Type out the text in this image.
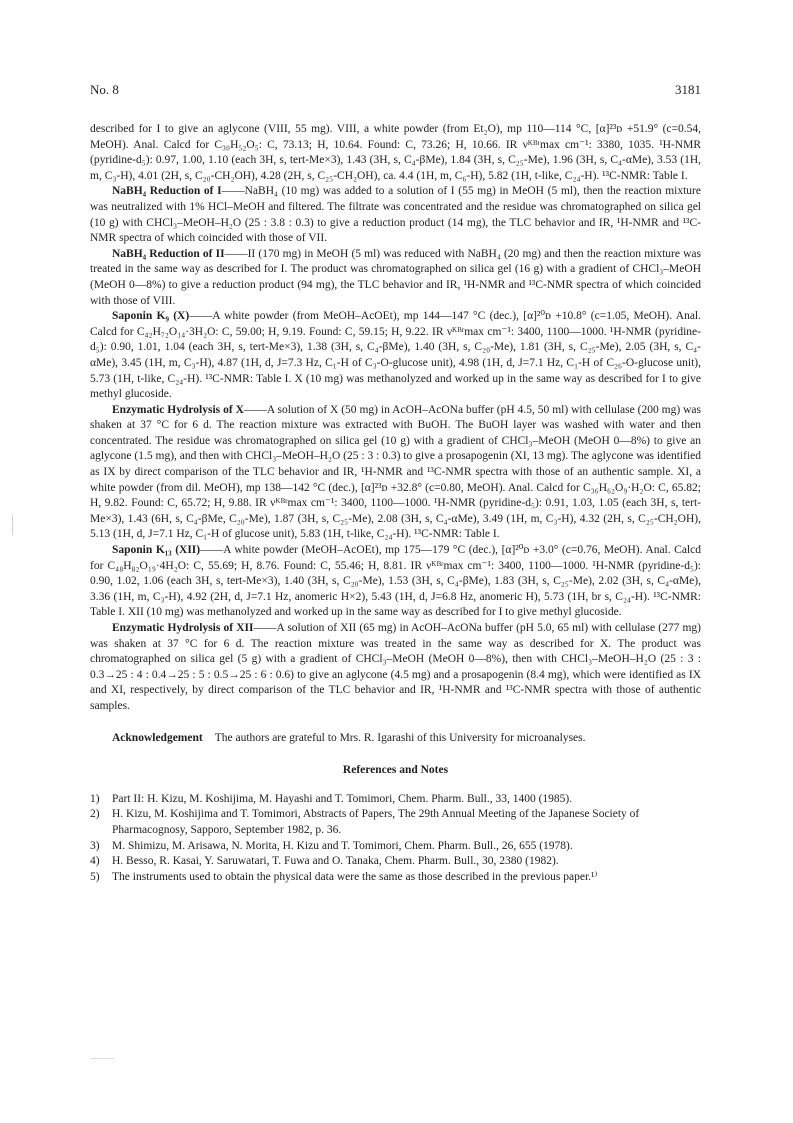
No. 8	3181

described for I to give an aglycone (VIII, 55 mg). VIII, a white powder (from Et₂O), mp 110—114 °C, [α]²³ᴅ +51.9° (c=0.54, MeOH). Anal. Calcd for C₃₀H₅₂O₅: C, 73.13; H, 10.64. Found: C, 73.26; H, 10.66. IR νᴷᴮʳmax cm⁻¹: 3380, 1035. ¹H-NMR (pyridine-d₅): 0.97, 1.00, 1.10 (each 3H, s, tert-Me×3), 1.43 (3H, s, C₄-βMe), 1.84 (3H, s, C₂₅-Me), 1.96 (3H, s, C₄-αMe), 3.53 (1H, m, C₃-H), 4.01 (2H, s, C₂₀-CH₂OH), 4.28 (2H, s, C₂₅-CH₂OH), ca. 4.4 (1H, m, C₆-H), 5.82 (1H, t-like, C₂₄-H). ¹³C-NMR: Table I.

NaBH₄ Reduction of I——NaBH₄ (10 mg) was added to a solution of I (55 mg) in MeOH (5 ml), then the reaction mixture was neutralized with 1% HCl–MeOH and filtered. The filtrate was concentrated and the residue was chromatographed on silica gel (10 g) with CHCl₃–MeOH–H₂O (25 : 3.8 : 0.3) to give a reduction product (14 mg), the TLC behavior and IR, ¹H-NMR and ¹³C-NMR spectra of which coincided with those of VII.

NaBH₄ Reduction of II——II (170 mg) in MeOH (5 ml) was reduced with NaBH₄ (20 mg) and then the reaction mixture was treated in the same way as described for I. The product was chromatographed on silica gel (16 g) with a gradient of CHCl₃–MeOH (MeOH 0—8%) to give a reduction product (94 mg), the TLC behavior and IR, ¹H-NMR and ¹³C-NMR spectra of which coincided with those of VIII.

Saponin K₉ (X)——A white powder (from MeOH–AcOEt), mp 144—147 °C (dec.), [α]²⁰ᴅ +10.8° (c=1.05, MeOH). Anal. Calcd for C₄₂H₇₂O₁₄·3H₂O: C, 59.00; H, 9.19. Found: C, 59.15; H, 9.22. IR νᴷᴮʳmax cm⁻¹: 3400, 1100—1000. ¹H-NMR (pyridine-d₅): 0.90, 1.01, 1.04 (each 3H, s, tert-Me×3), 1.38 (3H, s, C₄-βMe), 1.40 (3H, s, C₂₀-Me), 1.81 (3H, s, C₂₅-Me), 2.05 (3H, s, C₄-αMe), 3.45 (1H, m, C₃-H), 4.87 (1H, d, J=7.3 Hz, C₁-H of C₃-O-glucose unit), 4.98 (1H, d, J=7.1 Hz, C₁-H of C₂₆-O-glucose unit), 5.73 (1H, t-like, C₂₄-H). ¹³C-NMR: Table I. X (10 mg) was methanolyzed and worked up in the same way as described for I to give methyl glucoside.

Enzymatic Hydrolysis of X——A solution of X (50 mg) in AcOH–AcONa buffer (pH 4.5, 50 ml) with cellulase (200 mg) was shaken at 37 °C for 6 d. The reaction mixture was extracted with BuOH. The BuOH layer was washed with water and then concentrated. The residue was chromatographed on silica gel (10 g) with a gradient of CHCl₃–MeOH (MeOH 0—8%) to give an aglycone (1.5 mg), and then with CHCl₃–MeOH–H₂O (25 : 3 : 0.3) to give a prosapogenin (XI, 13 mg). The aglycone was identified as IX by direct comparison of the TLC behavior and IR, ¹H-NMR and ¹³C-NMR spectra with those of an authentic sample. XI, a white powder (from dil. MeOH), mp 138—142 °C (dec.), [α]²³ᴅ +32.8° (c=0.80, MeOH). Anal. Calcd for C₃₆H₆₂O₉·H₂O: C, 65.82; H, 9.82. Found: C, 65.72; H, 9.88. IR νᴷᴮʳmax cm⁻¹: 3400, 1100—1000. ¹H-NMR (pyridine-d₅): 0.91, 1.03, 1.05 (each 3H, s, tert-Me×3), 1.43 (6H, s, C₄-βMe, C₂₀-Me), 1.87 (3H, s, C₂₅-Me), 2.08 (3H, s, C₄-αMe), 3.49 (1H, m, C₃-H), 4.32 (2H, s, C₂₅-CH₂OH), 5.13 (1H, d, J=7.1 Hz, C₁-H of glucose unit), 5.83 (1H, t-like, C₂₄-H). ¹³C-NMR: Table I.

Saponin K₁₃ (XII)——A white powder (MeOH–AcOEt), mp 175—179 °C (dec.), [α]²⁰ᴅ +3.0° (c=0.76, MeOH). Anal. Calcd for C₄₈H₈₂O₁₉·4H₂O: C, 55.69; H, 8.76. Found: C, 55.46; H, 8.81. IR νᴷᴮʳmax cm⁻¹: 3400, 1100—1000. ¹H-NMR (pyridine-d₅): 0.90, 1.02, 1.06 (each 3H, s, tert-Me×3), 1.40 (3H, s, C₂₀-Me), 1.53 (3H, s, C₄-βMe), 1.83 (3H, s, C₂₅-Me), 2.02 (3H, s, C₄-αMe), 3.36 (1H, m, C₃-H), 4.92 (2H, d, J=7.1 Hz, anomeric H×2), 5.43 (1H, d, J=6.8 Hz, anomeric H), 5.73 (1H, br s, C₂₄-H). ¹³C-NMR: Table I. XII (10 mg) was methanolyzed and worked up in the same way as described for I to give methyl glucoside.

Enzymatic Hydrolysis of XII——A solution of XII (65 mg) in AcOH–AcONa buffer (pH 5.0, 65 ml) with cellulase (277 mg) was shaken at 37 °C for 6 d. The reaction mixture was treated in the same way as described for X. The product was chromatographed on silica gel (5 g) with a gradient of CHCl₃–MeOH (MeOH 0—8%), then with CHCl₃–MeOH–H₂O (25 : 3 : 0.3→25 : 4 : 0.4→25 : 5 : 0.5→25 : 6 : 0.6) to give an aglycone (4.5 mg) and a prosapogenin (8.4 mg), which were identified as IX and XI, respectively, by direct comparison of the TLC behavior and IR, ¹H-NMR and ¹³C-NMR spectra with those of authentic samples.

Acknowledgement The authors are grateful to Mrs. R. Igarashi of this University for microanalyses.

References and Notes
1)	Part II: H. Kizu, M. Koshijima, M. Hayashi and T. Tomimori, Chem. Pharm. Bull., 33, 1400 (1985).
2)	H. Kizu, M. Koshijima and T. Tomimori, Abstracts of Papers, The 29th Annual Meeting of the Japanese Society of Pharmacognosy, Sapporo, September 1982, p. 36.
3)	M. Shimizu, M. Arisawa, N. Morita, H. Kizu and T. Tomimori, Chem. Pharm. Bull., 26, 655 (1978).
4)	H. Besso, R. Kasai, Y. Saruwatari, T. Fuwa and O. Tanaka, Chem. Pharm. Bull., 30, 2380 (1982).
5)	The instruments used to obtain the physical data were the same as those described in the previous paper.¹⁾
